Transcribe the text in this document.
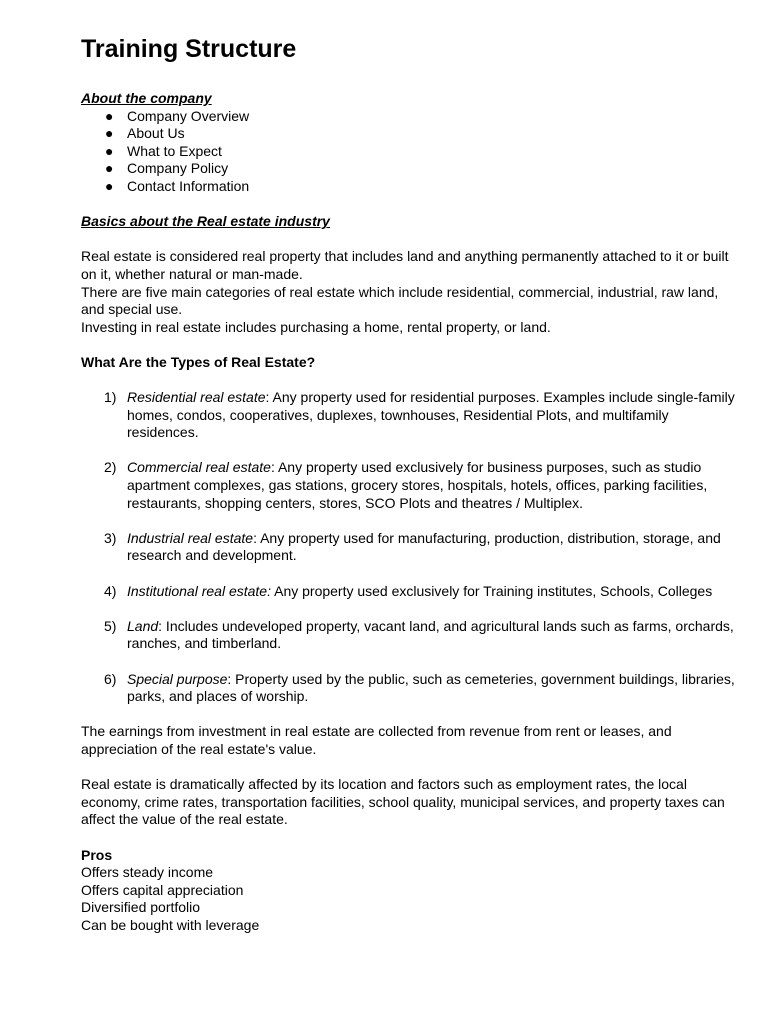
Training Structure
About the company
● Company Overview
● About Us
● What to Expect
● Company Policy
● Contact Information
Basics about the Real estate industry

Real estate is considered real property that includes land and anything permanently attached to it or built on it, whether natural or man-made.

There are five main categories of real estate which include residential, commercial, industrial, raw land, and special use.

Investing in real estate includes purchasing a home, rental property, or land.

What Are the Types of Real Estate?
1) Residential real estate: Any property used for residential purposes. Examples include single-family homes, condos, cooperatives, duplexes, townhouses, Residential Plots, and multifamily residences.
2) Commercial real estate: Any property used exclusively for business purposes, such as studio apartment complexes, gas stations, grocery stores, hospitals, hotels, offices, parking facilities, restaurants, shopping centers, stores, SCO Plots and theatres / Multiplex.
3) Industrial real estate: Any property used for manufacturing, production, distribution, storage, and research and development.
4) Institutional real estate: Any property used exclusively for Training institutes, Schools, Colleges
5) Land: Includes undeveloped property, vacant land, and agricultural lands such as farms, orchards, ranches, and timberland.
6) Special purpose: Property used by the public, such as cemeteries, government buildings, libraries, parks, and places of worship.

The earnings from investment in real estate are collected from revenue from rent or leases, and appreciation of the real estate's value.

Real estate is dramatically affected by its location and factors such as employment rates, the local economy, crime rates, transportation facilities, school quality, municipal services, and property taxes can affect the value of the real estate.

Pros

Offers steady income

Offers capital appreciation

Diversified portfolio

Can be bought with leverage
